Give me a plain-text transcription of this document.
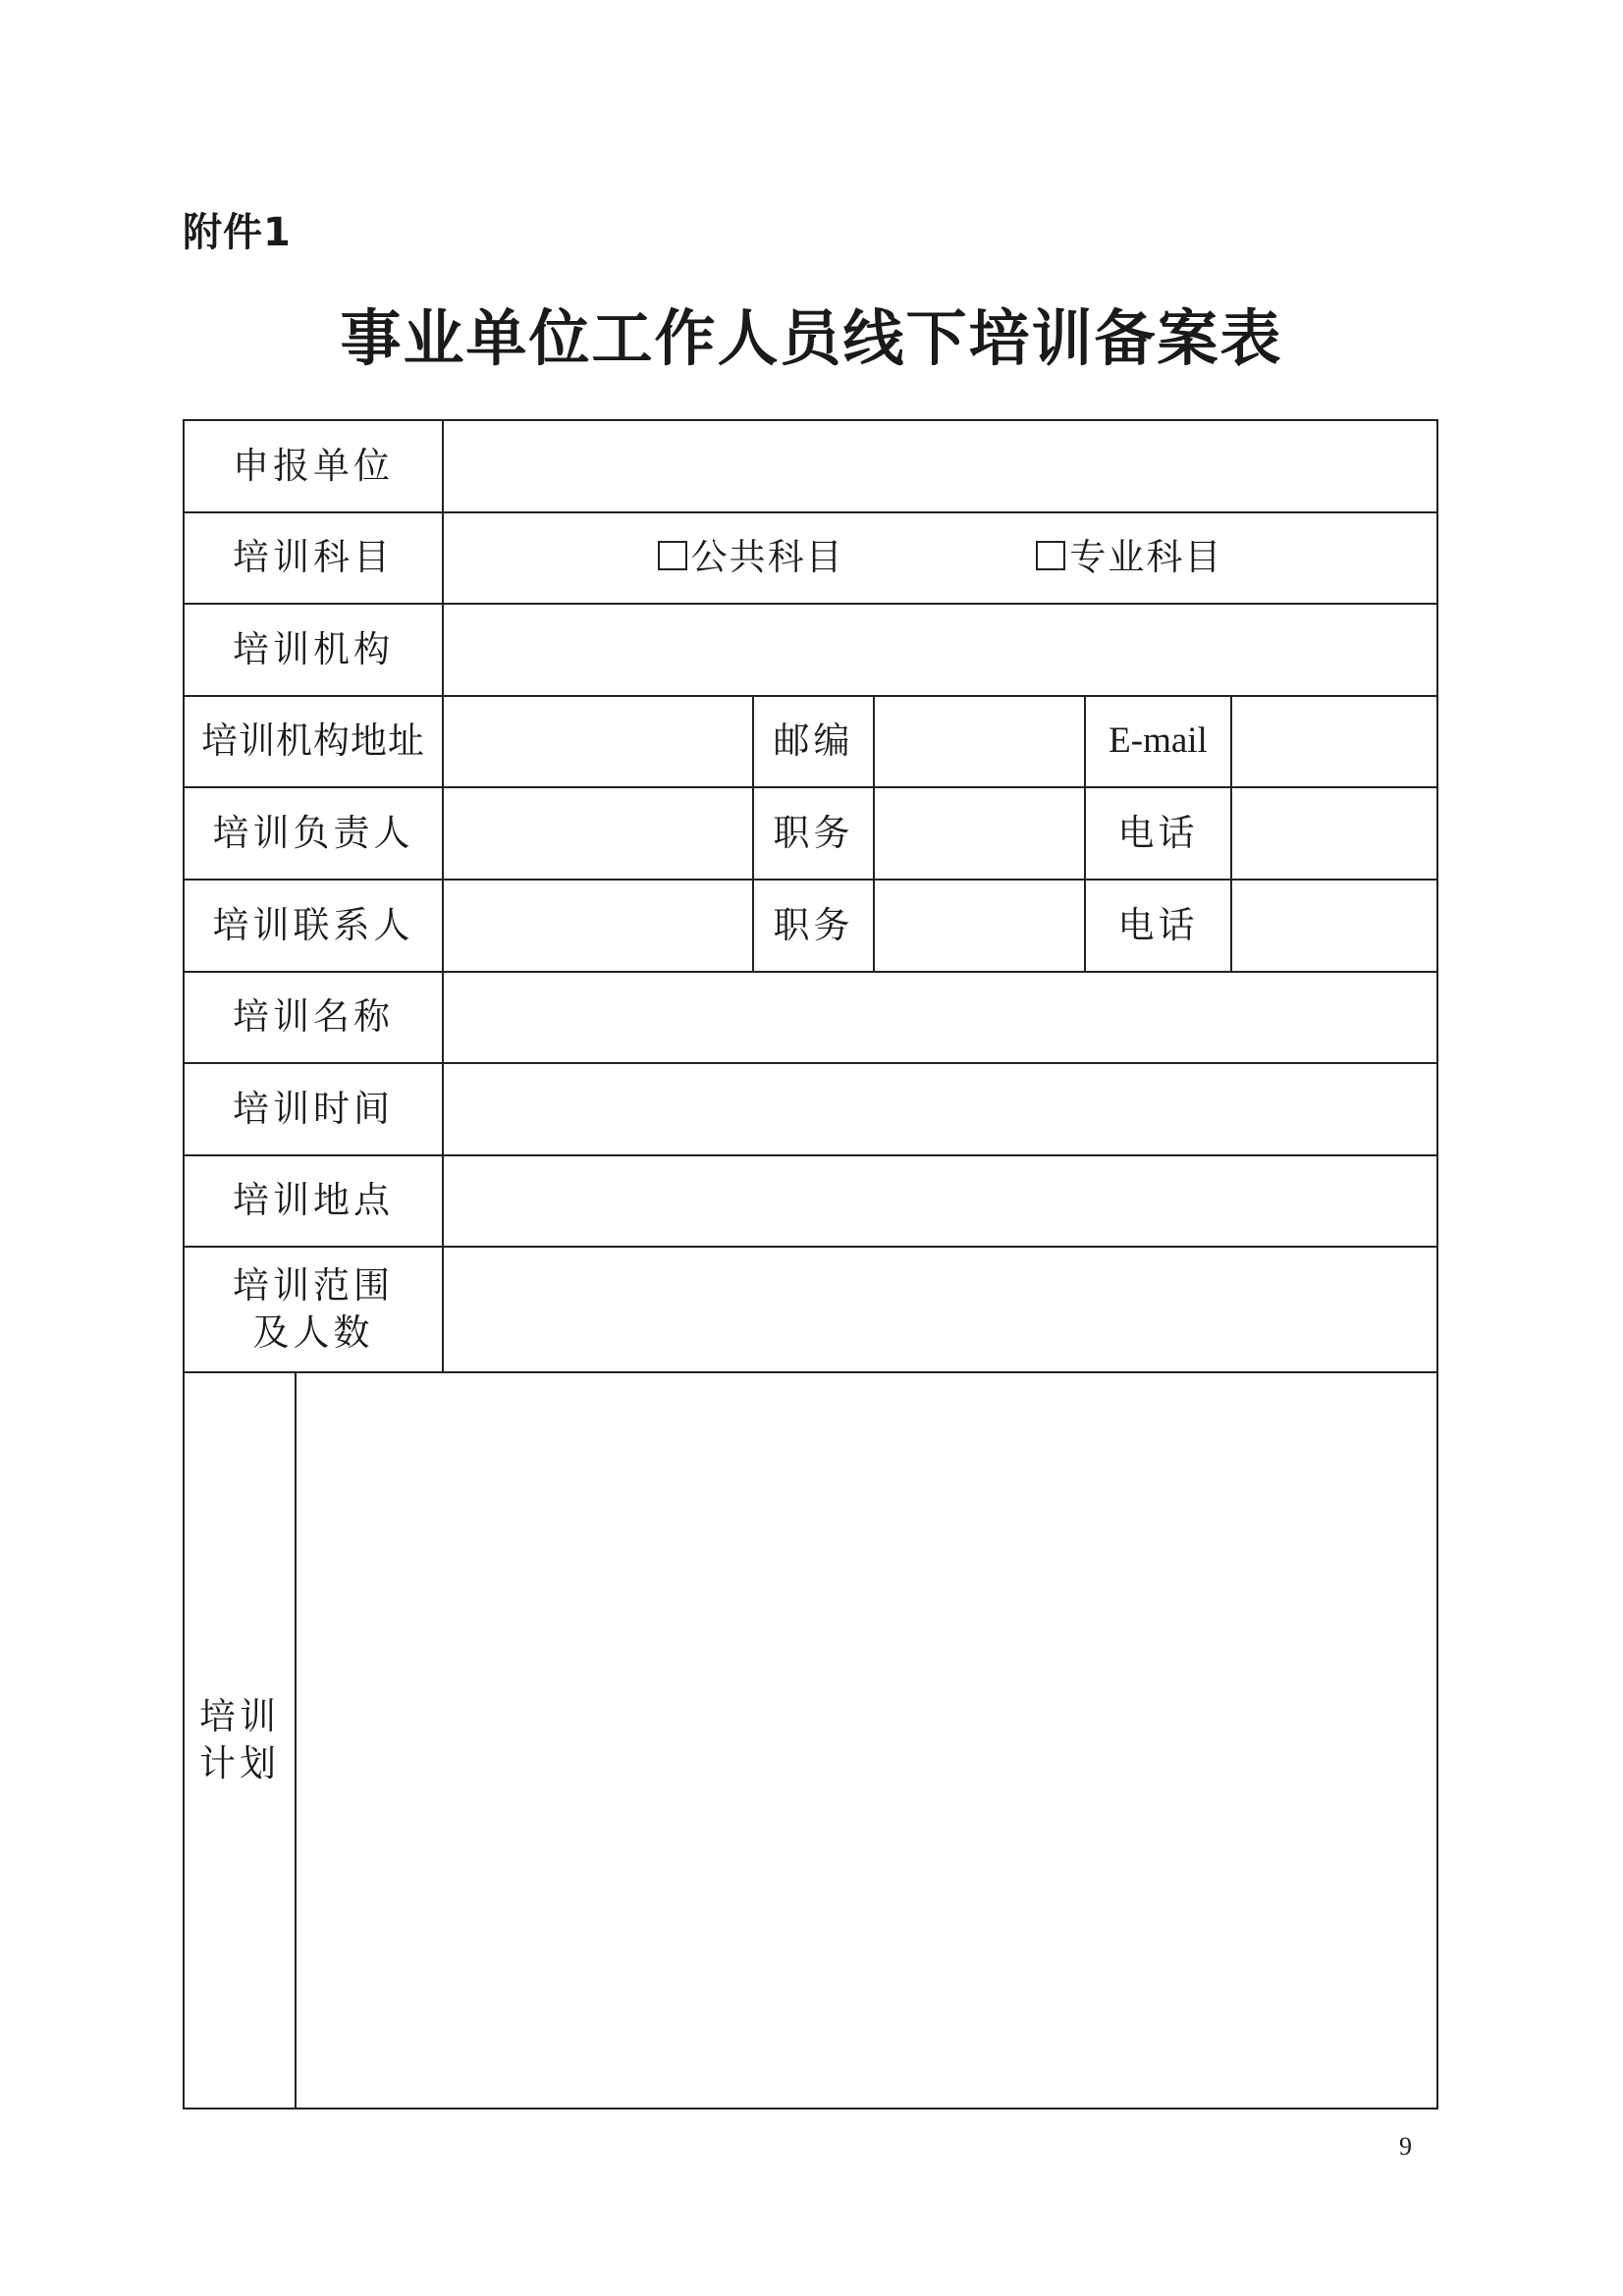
附件1
事业单位工作人员线下培训备案表
申报单位						
培训科目		公共科目 专业科目				
培训机构						
培训机构地址			邮编		E-mail	
培训负责人			职务		电话	
培训联系人			职务		电话	
培训名称						
培训时间						
培训地点						

培训范围
及人数						

培训
计划						

9
